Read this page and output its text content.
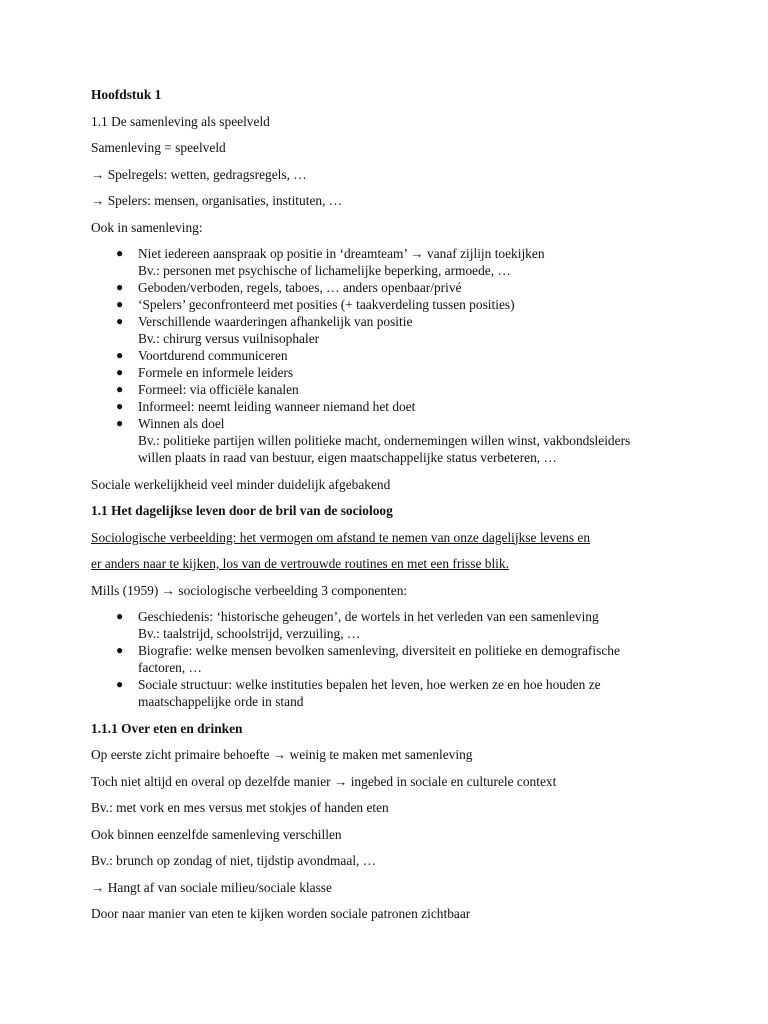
Hoofdstuk 1

1.1 De samenleving als speelveld

Samenleving = speelveld

→ Spelregels: wetten, gedragsregels, …

→ Spelers: mensen, organisaties, instituten, …

Ook in samenleving:

● Niet iedereen aanspraak op positie in ‘dreamteam’ → vanaf zijlijn toekijken
Bv.: personen met psychische of lichamelijke beperking, armoede, …
● Geboden/verboden, regels, taboes, … anders openbaar/privé
● ‘Spelers’ geconfronteerd met posities (+ taakverdeling tussen posities)
● Verschillende waarderingen afhankelijk van positie
Bv.: chirurg versus vuilnisophaler
● Voortdurend communiceren
● Formele en informele leiders
● Formeel: via officiële kanalen
● Informeel: neemt leiding wanneer niemand het doet
● Winnen als doel
Bv.: politieke partijen willen politieke macht, ondernemingen willen winst, vakbondsleiders
willen plaats in raad van bestuur, eigen maatschappelijke status verbeteren, …

Sociale werkelijkheid veel minder duidelijk afgebakend

1.1 Het dagelijkse leven door de bril van de socioloog

Sociologische verbeelding: het vermogen om afstand te nemen van onze dagelijkse levens en

er anders naar te kijken, los van de vertrouwde routines en met een frisse blik.

Mills (1959) → sociologische verbeelding 3 componenten:

● Geschiedenis: ‘historische geheugen’, de wortels in het verleden van een samenleving
Bv.: taalstrijd, schoolstrijd, verzuiling, …
● Biografie: welke mensen bevolken samenleving, diversiteit en politieke en demografische
factoren, …
● Sociale structuur: welke instituties bepalen het leven, hoe werken ze en hoe houden ze
maatschappelijke orde in stand

1.1.1 Over eten en drinken

Op eerste zicht primaire behoefte → weinig te maken met samenleving

Toch niet altijd en overal op dezelfde manier → ingebed in sociale en culturele context

Bv.: met vork en mes versus met stokjes of handen eten

Ook binnen eenzelfde samenleving verschillen

Bv.: brunch op zondag of niet, tijdstip avondmaal, …

→ Hangt af van sociale milieu/sociale klasse

Door naar manier van eten te kijken worden sociale patronen zichtbaar
